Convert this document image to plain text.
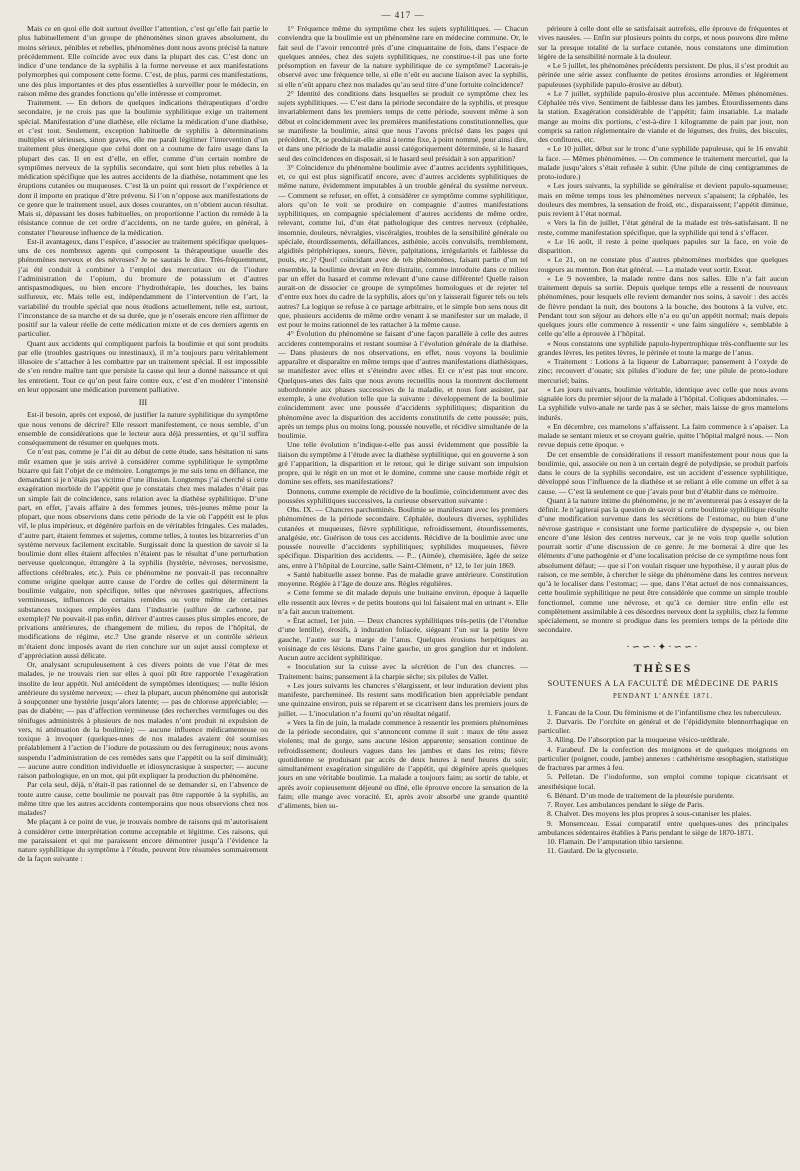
— 417 —

Mais ce en quoi elle doit surtout éveiller l’attention, c’est qu’elle fait partie le plus habituellement d’un groupe de phénomènes sinon graves absolument, du moins sérieux, pénibles et rebelles, phénomènes dont nous avons précisé la nature précédemment. Elle coïncide avec eux dans la plupart des cas. C’est donc un indice d’une tendance de la syphilis à la forme nerveuse et aux manifestations polymorphes qui composent cette forme. C’est, de plus, parmi ces manifestations, une des plus importantes et des plus essentielles à surveiller pour le médecin, en raison même des grandes fonctions qu’elle intéresse et compromet.

Traitement. — En dehors de quelques indications thérapeutiques d’ordre secondaire, je ne crois pas que la boulimie syphilitique exige un traitement spécial. Manifestation d’une diathèse, elle réclame la médication d’une diathèse, et c’est tout. Seulement, exception habituelle de syphilis à déterminations multiples et sérieuses, sinon graves, elle me paraît légitimer l’intervention d’un traitement plus énergique que celui dont on a coutume de faire usage dans la plupart des cas. Il en est d’elle, en effet, comme d’un certain nombre de symptômes nerveux de la syphilis secondaire, qui sont bien plus rebelles à la médication spécifique que les autres accidents de la diathèse, notamment que les éruptions cutanées ou muqueuses. C’est là un point qui ressort de l’expérience et dont il importe en pratique d’être prévenu. Si l’on n’oppose aux manifestations de ce genre que le traitement usuel, aux doses courantes, on n’obtient aucun résultat. Mais si, dépassant les doses habituelles, on proportionne l’action du remède à la résistance connue de cet ordre d’accidents, on ne tarde guère, en général, à constater l’heureuse influence de la médication.

Est-il avantageux, dans l’espèce, d’associer au traitement spécifique quelques-uns de ces nombreux agents qui composent la thérapeutique usuelle des phénomènes nerveux et des névroses? Je ne saurais le dire. Très-fréquemment, j’ai été conduit à combiner à l’emploi des mercuriaux ou de l’iodure l’administration de l’opium, du bromure de potassium et d’autres antispasmodiques, ou bien encore l’hydrothérapie, les douches, les bains sulfureux, etc. Mais telle est, indépendamment de l’intervention de l’art, la variabilité du trouble spécial que nous étudions actuellement, telle est, surtout, l’inconstance de sa marche et de sa durée, que je n’oserais encore rien affirmer de positif sur la valeur réelle de cette médication mixte et de ces derniers agents en particulier.

Quant aux accidents qui compliquent parfois la boulimie et qui sont produits par elle (troubles gastriques ou intestinaux), il m’a toujours paru véritablement illusoire de s’attacher à les combattre par un traitement spécial. Il est impossible de s’en rendre maître tant que persiste la cause qui leur a donné naissance et qui les entretient. Tout ce qu’on peut faire contre eux, c’est d’en modérer l’intensité en leur opposant une médication purement palliative.

III

Est-il besoin, après cet exposé, de justifier la nature syphilitique du symptôme que nous venons de décrire? Elle ressort manifestement, ce nous semble, d’un ensemble de considérations que le lecteur aura déjà pressenties, et qu’il suffira conséquemment de résumer en quelques mots.

Ce n’est pas, comme je l’ai dit au début de cette étude, sans hésitation ni sans mûr examen que je suis arrivé à considérer comme syphilitique le symptôme bizarre qui fait l’objet de ce mémoire. Longtemps je me suis tenu en défiance, me demandant si je n’étais pas victime d’une illusion. Longtemps j’ai cherché si cette exagération morbide de l’appétit que je constatais chez mes malades n’était pas un simple fait de coïncidence, sans relation avec la diathèse syphilitique. D’une part, en effet, j’avais affaire à des femmes jeunes, très-jeunes même pour la plupart, que nous observions dans cette période de la vie où l’appétit est le plus vif, le plus impérieux, et dégénère parfois en de véritables fringales. Ces malades, d’autre part, étaient femmes et sujettes, comme telles, à toutes les bizarreries d’un système nerveux facilement excitable. Surgissait donc la question de savoir si la boulimie dont elles étaient affectées n’étaient pas le résultat d’une perturbation nerveuse quelconque, étrangère à la syphilis (hystérie, névroses, nervosisme, affections cérébrales, etc.). Puis ce phénomène ne pouvait-il pas reconnaître comme origine quelque autre cause de l’ordre de celles qui déterminent la boulimie vulgaire, non spécifique, telles que névroses gastriques, affections vermineuses, influences de certains remèdes ou votre même de certaines substances toxiques employées dans l’industrie (sulfure de carbone, par exemple)? Ne pouvait-il pas enfin, dériver d’autres causes plus simples encore, de privations antérieures, de changement de milieu, du repos de l’hôpital, de modifications de régime, etc.? Une grande réserve et un contrôle sérieux m’étaient donc imposés avant de rien conclure sur un sujet aussi complexe et d’appréciation aussi délicate.

Or, analysant scrupuleusement à ces divers points de vue l’état de mes malades, je ne trouvais rien sur elles à quoi pût être rapportée l’exagération insolite de leur appétit. Nul antécédent de symptômes identiques; — nulle lésion antérieure du système nerveux; — chez la plupart, aucun phénomène qui autorisât à soupçonner une hystérie jusqu’alors latente; — pas de chlorose appréciable; — pas de diabète; — pas d’affection vermineuse (des recherches vermifuges ou des ténifuges administrés à plusieurs de nos malades n’ont produit ni expulsion de vers, ni atténuation de la boulimie); — aucune influence médicamenteuse ou toxique à invoquer (quelques-unes de nos malades avaient été soumises préalablement à l’action de l’iodure de potassium ou des ferrugineux; nous avons suspendu l’administration de ces remèdes sans que l’appétit ou la soif diminuât); — aucune autre condition individuelle et idiosyncrasique à suspecter; — aucune raison pathologique, en un mot, qui pût expliquer la production du phénomène.

Par cela seul, déjà, n’était-il pas rationnel de se demander si, en l’absence de toute autre cause, cette boulimie ne pouvait pas être rapportée à la syphilis, au même titre que les autres accidents contemporains que nous observions chez nos malades?

Me plaçant à ce point de vue, je trouvais nombre de raisons qui m’autorisaient à considérer cette interprétation comme acceptable et légitime. Ces raisons, qui me paraissaient et qui me paraissent encore démontrer jusqu’à l’évidence la nature syphilitique du symptôme à l’étude, peuvent être résumées sommairement de la façon suivante :

1° Fréquence même du symptôme chez les sujets syphilitiques. — Chacun conviendra que la boulimie est un phénomène rare en médecine commune. Or, le fait seul de l’avoir rencontré près d’une cinquantaine de fois, dans l’espace de quelques années, chez des sujets syphilitiques, ne constitue-t-il pas une forte présomption en faveur de la nature syphilitique de ce symptôme? Lacerais-je observé avec une fréquence telle, si elle n’eût eu aucune liaison avec la syphilis, si elle n’eût apparu chez nos malades qu’au seul titre d’une fortuite coïncidence?

2° Identité des conditions dans lesquelles se produit ce symptôme chez les sujets syphilitiques. — C’est dans la période secondaire de la syphilis, et presque invariablement dans les premiers temps de cette période, souvent même à son début et coïncidemment avec les premières manifestations constitutionnelles, que se manifeste la boulimie, ainsi que nous l’avons précisé dans les pages qui précèdent. Or, se produirait-elle ainsi à terme fixe, à point nommé, pour ainsi dire, et dans une période de la maladie aussi catégoriquement déterminée, si le hasard seul des coïncidences en disposait, si le hasard seul présidait à son apparition?

3° Coïncidence du phénomène boulimie avec d’autres accidents syphilitiques, et, ce qui est plus significatif encore, avec d’autres accidents syphilitiques de même nature, évidemment imputables à un trouble général du système nerveux. — Comment se refuser, en effet, à considérer ce symptôme comme syphilitique, alors qu’on le voit se produire en compagnie d’autres manifestations syphilitiques, en compagnie spécialement d’autres accidents de même ordre, relevant, comme lui, d’un état pathologique des centres nerveux (céphalée, insomnie, douleurs, névralgies, viscéralgies, troubles de la sensibilité générale ou spéciale, étourdissements, défaillances, asthénie, accès convulsifs, tremblement, algidités périphériques, sueurs, fièvre, palpitations, irrégularités et faiblesse du pouls, etc.)? Quoi! coïncidant avec de tels phénomènes, faisant partie d’un tel ensemble, la boulimie devrait en être distraite, comme introduite dans ce milieu par un effet du hasard et comme relevant d’une cause différente! Quelle raison aurait-on de dissocier ce groupe de symptômes homologues et de rejeter tel d’entre eux hors du cadre de la syphilis, alors qu’on y laisserait figurer tels ou tels autres? La logique se refuse à ce partage arbitraire, et le simple bon sens nous dit que, plusieurs accidents de même ordre venant à se manifester sur un malade, il est pour le moins rationnel de les rattacher à la même cause.

4° Évolution du phénomène se faisant d’une façon parallèle à celle des autres accidents contemporains et restant soumise à l’évolution générale de la diathèse. — Dans plusieurs de nos observations, en effet, nous voyons la boulimie apparaître et disparaître en même temps que d’autres manifestations diathésiques, se manifester avec elles et s’éteindre avec elles. Et ce n’est pas tout encore. Quelques-unes des faits que nous avons recueillis nous la montrent docilement subordonnée aux phases successives de la maladie, et nous font assister, par exemple, à une évolution telle que la suivante : développement de la boulimie coïncidemment avec une poussée d’accidents syphilitiques; disparition du phénomène avec la disparition des accidents constitutifs de cette poussée; puis, après un temps plus ou moins long, poussée nouvelle, et récidive simultanée de la boulimie.

Une telle évolution n’indique-t-elle pas aussi évidemment que possible la liaison du symptôme à l’étude avec la diathèse syphilitique, qui en gouverne à son gré l’apparition, la disparition et le retour, qui le dirige suivant son impulsion propre, qui le régit en un mot et le domine, comme une cause morbide régit et domine ses effets, ses manifestations?

Donnons, comme exemple de récidive de la boulimie, coïncidemment avec des poussées syphilitiques successives, la curieuse observation suivante :

Obs. IX. — Chancres parcheminés. Boulimie se manifestant avec les premiers phénomènes de la période secondaire. Céphalée, douleurs diverses, syphilides cutanées et muqueuses, fièvre syphilitique, refroidissement, étourdissements, analgésie, etc. Guérison de tous ces accidents. Récidive de la boulimie avec une poussée nouvelle d’accidents syphilitiques; syphilides muqueuses, fièvre spécifique. Disparition des accidents. — P... (Aimée), chemisière, âgée de seize ans, entre à l’hôpital de Lourcine, salle Saint-Clément, n° 12, le 1er juin 1869.

« Santé habituelle assez bonne. Pas de maladie grave antérieure. Constitution moyenne. Réglée à l’âge de douze ans. Règles régulières.

« Cette femme se dit malade depuis une huitaine environ, époque à laquelle elle ressentit aux lèvres « de petits boutons qui lui faisaient mal en urinant ». Elle n’a fait aucun traitement.

« État actuel, 1er juin. — Deux chancres syphilitiques très-petits (de l’étendue d’une lentille), érosifs, à induration foliacée, siégeant l’un sur la petite lèvre gauche, l’autre sur la marge de l’anus. Quelques érosions herpétiques au voisinage de ces lésions. Dans l’aine gauche, un gros ganglion dur et indolent. Aucun autre accident syphilitique.

« Inoculation sur la cuisse avec la sécrétion de l’un des chancres. — Traitement: bains; pansement à la charpie sèche; six pilules de Vallet.

« Les jours suivants les chancres s’élargissent, et leur induration devient plus manifeste, parchemineé. Ils restent sans modification bien appréciable pendant une quinzaine environ, puis se réparent et se cicatrisent dans les premiers jours de juillet. — L’inoculation n’a fourni qu’un résultat négatif.

« Vers la fin de juin, la malade commence à ressentir les premiers phénomènes de la période secondaire, qui s’annoncent comme il suit : maux de tête assez violents; mal de gorge, sans aucune lésion apparente; sensation continue de refroidissement; douleurs vagues dans les jambes et dans les reins; fièvre quotidienne se produisant par accès de deux heures à neuf heures du soir; simultanément exagération singulière de l’appétit, qui dégénère après quelques jours en une véritable boulimie. La malade a toujours faim; au sortir de table, et après avoir copieusement déjeuné ou dîné, elle éprouve encore la sensation de la faim; elle mange avec voracité. Et, après avoir absorbé une grande quantité d’aliments, bien su-

périeure à celle dont elle se satisfaisait autrefois, elle éprouve de fréquentes et vives nausées. — Enfin sur plusieurs points du corps, et nous pouvons dire même sur la presque totalité de la surface cutanée, nous constatons une diminution légère de la sensibilité normale à la douleur.

« Le 5 juillet, les phénomènes précédents persistent. De plus, il s’est produit au périnée une série assez confluente de petites érosions arrondies et légèrement papuleuses (syphilide papulo-érosive au début).

« Le 7 juillet, syphilide papulo-érosive plus accentuée. Mêmes phénomènes. Céphalée très vive. Sentiment de faiblesse dans les jambes. Étourdissements dans la station. Exagération considérable de l’appétit; faim insatiable. La malade mange au moins dix portions, c’est-à-dire 1 kilogramme de pain par jour, non compris sa ration réglementaire de viande et de légumes, des fruits, des biscuits, des confitures, etc.

« Le 10 juillet, début sur le tronc d’une syphilide papuleuse, qui le 16 envahit la face. — Mêmes phénomènes. — On commence le traitement mercuriel, que la malade jusqu’alors s’était refusée à subir. (Une pilule de cinq centigrammes de proto-iodure.)

« Les jours suivants, la syphilide se généralise et devient papulo-squameuse; mais en même temps tous les phénomènes nerveux s’apaisent; la céphalée, les douleurs des membres, la sensation de froid, etc., disparaissent; l’appétit diminue, puis revient à l’état normal.

« Vers la fin de juillet, l’état général de la malade est très-satisfaisant. Il ne reste, comme manifestation spécifique, que la syphilide qui tend à s’effacer.

« Le 16 août, il reste à peine quelques papules sur la face, en voie de disparition.

« Le 21, on ne constate plus d’autres phénomènes morbides que quelques rougeurs au menton. Bon état général. — La malade veut sortir. Exeat.

« Le 9 novembre, la malade rentre dans nos salles. Elle n’a fait aucun traitement depuis sa sortie. Depuis quelque temps elle a ressenti de nouveaux phénomènes, pour lesquels elle revient demander nos soins, à savoir : des accès de fièvre pendant la nuit, des boutons à la bouche, des boutons à la vulve, etc. Pendant tout son séjour au dehors elle n’a eu qu’un appétit normal; mais depuis quelques jours elle commence à ressentir « une faim singulière », semblable à celle qu’elle a éprouvée à l’hôpital.

« Nous constatons une syphilide papulo-hypertrophique très-confluente sur les grandes lèvres, les petites lèvres, le périnée et toute la marge de l’anus.

« Traitement : Lotions à la liqueur de Labarraque; pansement à l’oxyde de zinc; recouvert d’ouate; six pilules d’iodure de fer; une pilule de proto-iodure mercuriel; bains.

« Les jours suivants, boulimie véritable, identique avec celle que nous avons signalée lors du premier séjour de la malade à l’hôpital. Coliques abdominales. — La syphilide vulvo-anale ne tarde pas à se sécher, mais laisse de gros mamelons indurés.

« En décembre, ces mamelons s’affaissent. La faim commence à s’apaiser. La malade se sentant mieux et se croyant guérie, quitte l’hôpital malgré nous. — Non revue depuis cette époque. »

De cet ensemble de considérations il ressort manifestement pour nous que la boulimie, qui, associée ou non à un certain degré de polydipsie, se produit parfois dans le cours de la syphilis secondaire, est un accident d’essence syphilitique, développé sous l’influence de la diathèse et se reliant à elle comme un effet à sa cause. — C’est là seulement ce que j’avais pour but d’établir dans ce mémoire.

Quant à la nature intime du phénomène, je ne m’aventurerai pas à essayer de la définir. Je n’agiterai pas la question de savoir si cette boulimie syphilitique résulte d’une modification survenue dans les sécrétions de l’estomac, ou bien d’une névrose gastrique « consistant une forme particulière de dyspepsie », ou bien encore d’une lésion des centres nerveux, car je ne vois trop quelle solution pourrait sortir d’une discussion de ce genre. Je me bornerai à dire que les éléments d’une pathogénie et d’une localisation précise de ce symptôme nous font absolument défaut; — que si l’on voulait risquer une hypothèse, il y aurait plus de raison, ce me semble, à chercher le siège du phénomène dans les centres nerveux qu’à le localiser dans l’estomac; — que, dans l’état actuel de nos connaissances, cette boulimie syphilitique ne peut être considérée que comme un simple trouble fonctionnel, comme une névrose, et qu’à ce dernier titre enfin elle est complètement assimilable à ces désordres nerveux dont la syphilis, chez la femme spécialement, se montre si prodigue dans les premiers temps de la période dite secondaire.

·∽∽·✦·∽∽·
THÈSES
SOUTENUES A LA FACULTÉ DE MÉDECINE DE PARIS
PENDANT L’ANNÉE 1871.
1. Fancau de la Cour. Du féminisme et de l’infantilisme chez les tuberculeux.
2. Darvaris. De l’orchite en général et de l’épididymite blennorrhagique en particulier.
3. Alling. De l’absorption par la muqueuse vésico-uréthrale.
4. Farabeuf. De la confection des moignons et de quelques moignons en particulier (poignet, coude, jambe) annexes : cathétérisme œsophagien, statistique de fractures par armes à feu.
5. Pelletan. De l’iodoforme, son emploi comme topique cicatrisant et anesthésique local.
6. Bénard. D’un mode de traitement de la pleurésie purulente.
7. Royer. Les ambulances pendant le siège de Paris.
8. Chalvet. Des moyens les plus propres à sous-cutaniser les plaies.
9. Monsenceau. Essai comparatif entre quelques-unes des principales ambulances sédentaires établies à Paris pendant le siège de 1870-1871.
10. Flamain. De l’amputation tibio tarsienne.
11. Gaulard. De la glycosurie.
